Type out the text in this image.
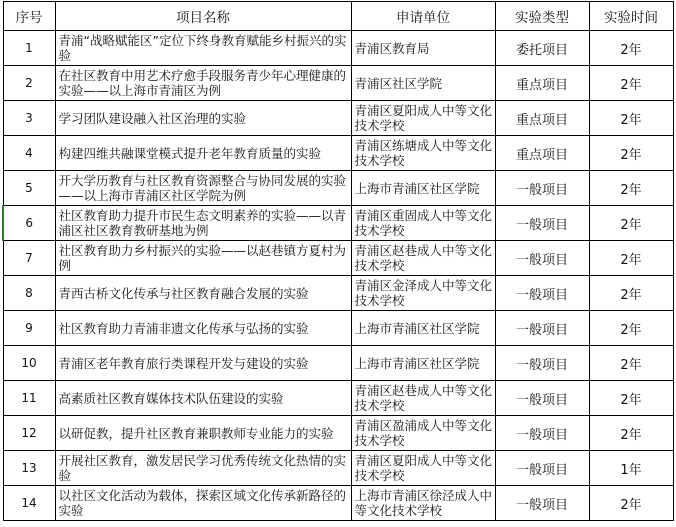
序号	项目名称	申请单位	实验类型	实验时间
1	青浦“战略赋能区”定位下终身教育赋能乡村振兴的实验	青浦区教育局	委托项目	2年
2	在社区教育中用艺术疗愈手段服务青少年心理健康的实验——以上海市青浦区为例	青浦区社区学院	重点项目	2年
3	学习团队建设融入社区治理的实验	青浦区夏阳成人中等文化技术学校	重点项目	2年
4	构建四维共融课堂模式提升老年教育质量的实验	青浦区练塘成人中等文化技术学校	重点项目	2年
5	开大学历教育与社区教育资源整合与协同发展的实验——以上海市青浦区社区学院为例	上海市青浦区社区学院	一般项目	2年
6	社区教育助力提升市民生态文明素养的实验——以青浦区社区教育教研基地为例	青浦区重固成人中等文化技术学校	一般项目	2年
7	社区教育助力乡村振兴的实验——以赵巷镇方夏村为例	青浦区赵巷成人中等文化技术学校	一般项目	2年
8	青西古桥文化传承与社区教育融合发展的实验	青浦区金泽成人中等文化技术学校	一般项目	2年
9	社区教育助力青浦非遗文化传承与弘扬的实验	上海市青浦区社区学院	一般项目	2年
10	青浦区老年教育旅行类课程开发与建设的实验	上海市青浦区社区学院	一般项目	2年
11	高素质社区教育媒体技术队伍建设的实验	青浦区赵巷成人中等文化技术学校	一般项目	2年
12	以研促教，提升社区教育兼职教师专业能力的实验	青浦区盈浦成人中等文化技术学校	一般项目	2年
13	开展社区教育，激发居民学习优秀传统文化热情的实验	青浦区夏阳成人中等文化技术学校	一般项目	1年
14	以社区文化活动为载体，探索区域文化传承新路径的实验	上海市青浦区徐泾成人中等文化技术学校	一般项目	2年
